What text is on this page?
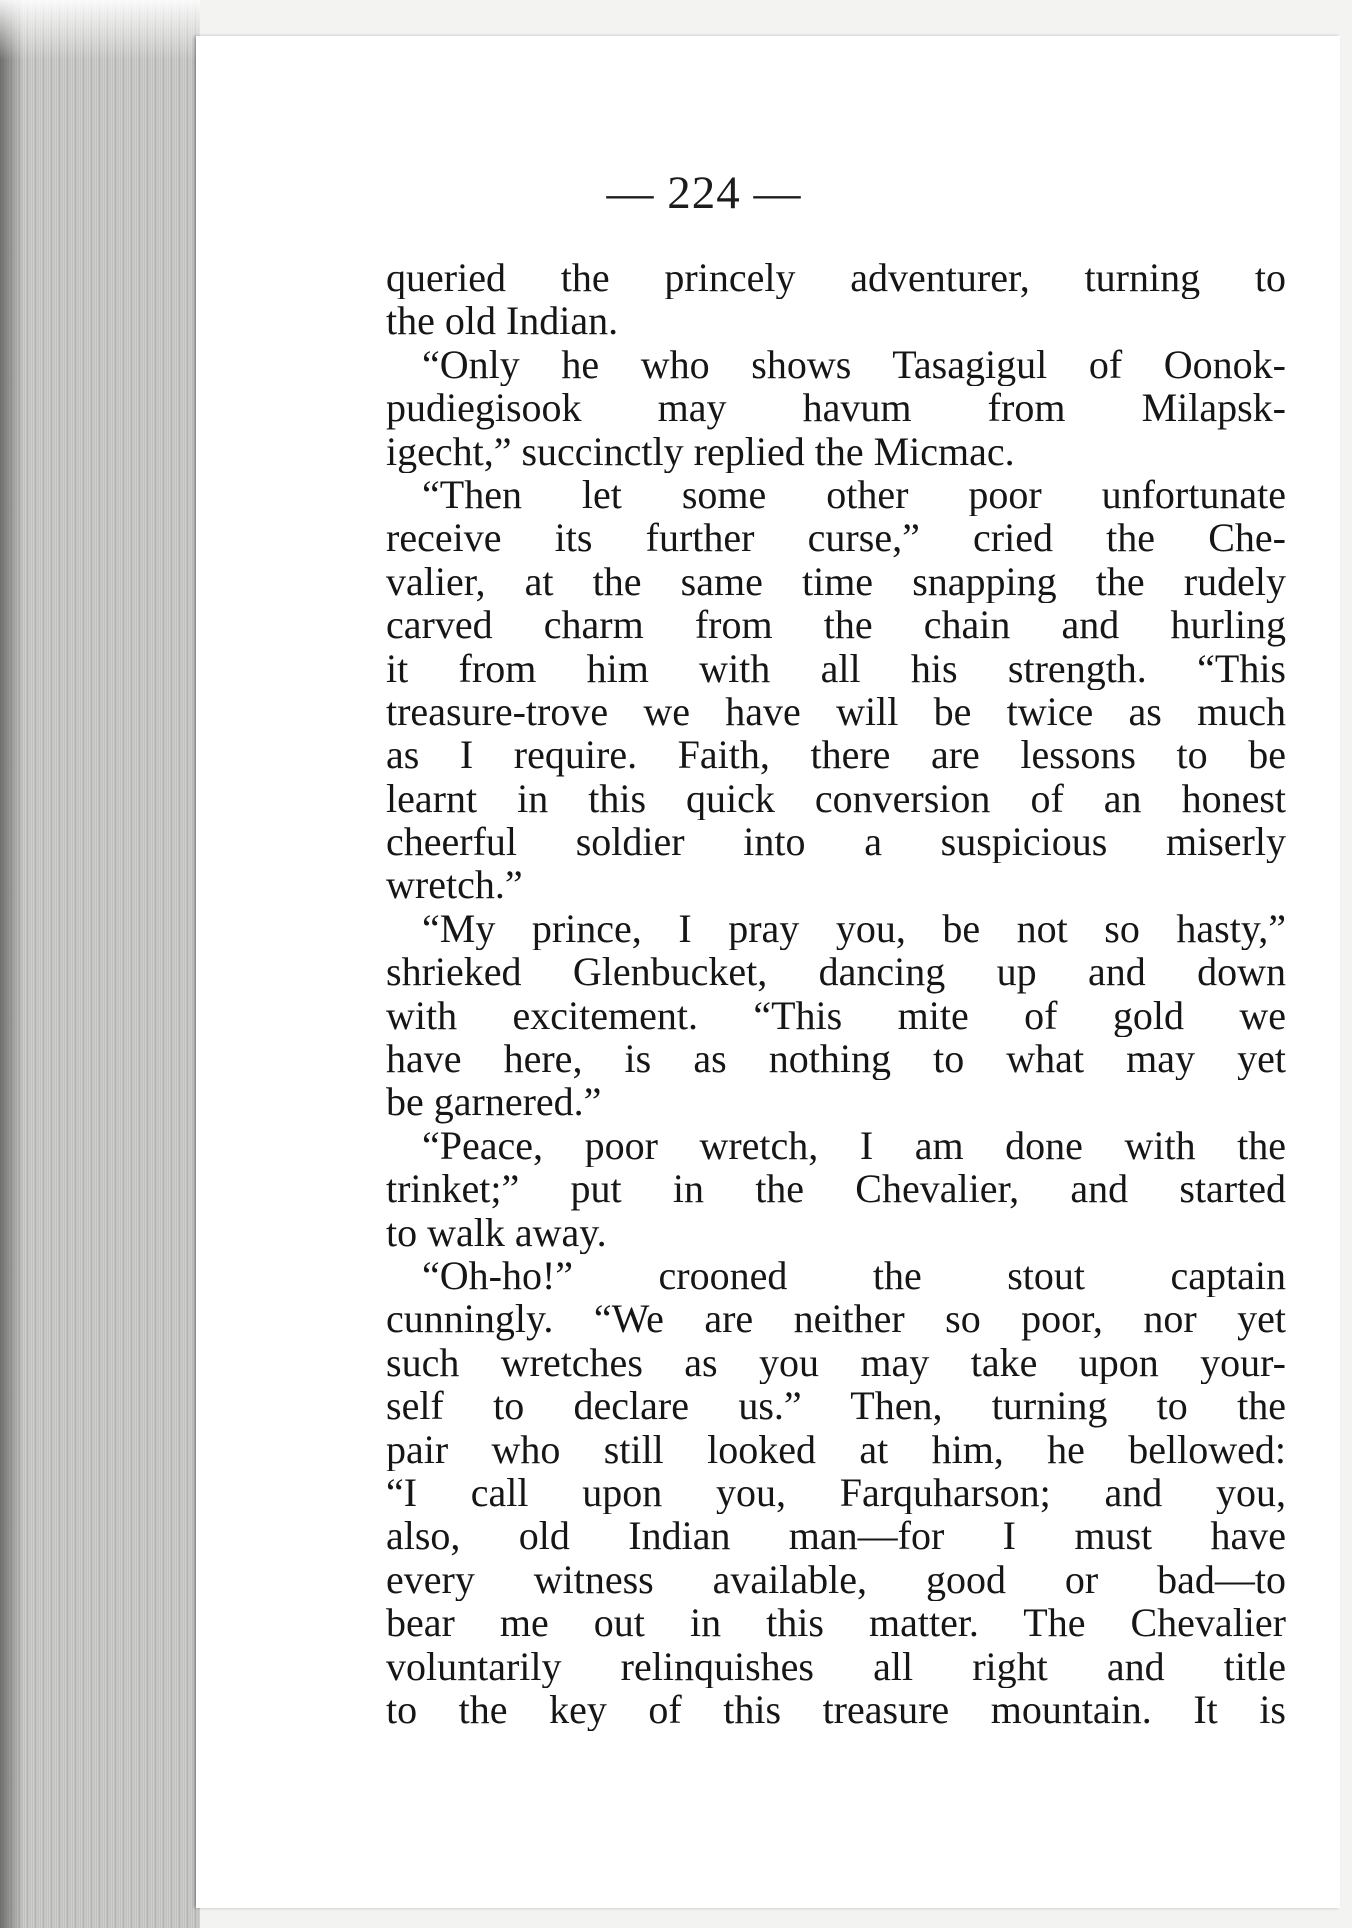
— 224 —
queried the princely adventurer, turning to
the old Indian.
“Only he who shows Tasagigul of Oonok-
pudiegisook may havum from Milapsk-
igecht,” succinctly replied the Micmac.
“Then let some other poor unfortunate
receive its further curse,” cried the Che-
valier, at the same time snapping the rudely
carved charm from the chain and hurling
it from him with all his strength. “This
treasure-trove we have will be twice as much
as I require. Faith, there are lessons to be
learnt in this quick conversion of an honest
cheerful soldier into a suspicious miserly
wretch.”
“My prince, I pray you, be not so hasty,”
shrieked Glenbucket, dancing up and down
with excitement. “This mite of gold we
have here, is as nothing to what may yet
be garnered.”
“Peace, poor wretch, I am done with the
trinket;” put in the Chevalier, and started
to walk away.
“Oh-ho!” crooned the stout captain
cunningly. “We are neither so poor, nor yet
such wretches as you may take upon your-
self to declare us.” Then, turning to the
pair who still looked at him, he bellowed:
“I call upon you, Farquharson; and you,
also, old Indian man—for I must have
every witness available, good or bad—to
bear me out in this matter. The Chevalier
voluntarily relinquishes all right and title
to the key of this treasure mountain. It is
